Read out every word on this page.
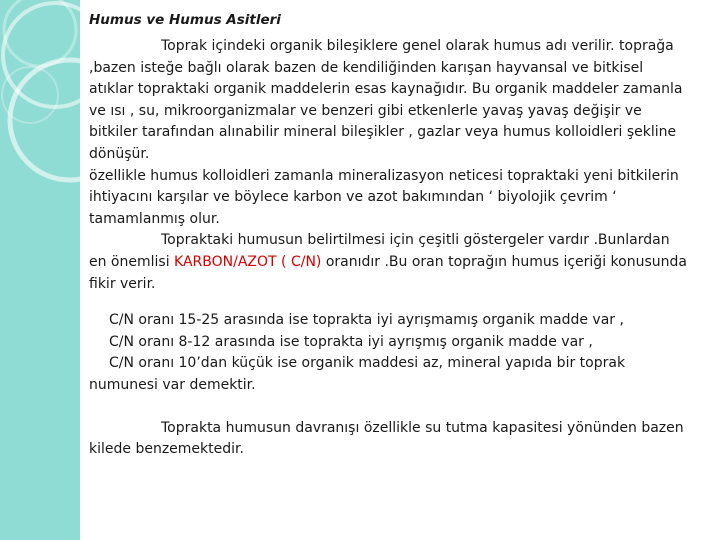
Humus ve Humus Asitleri

Toprak içindeki organik bileşiklere genel olarak humus adı verilir. toprağa ,bazen isteğe bağlı olarak bazen de kendiliğinden karışan hayvansal ve bitkisel atıklar topraktaki organik maddelerin esas kaynağıdır. Bu organik maddeler zamanla ve ısı , su, mikroorganizmalar ve benzeri gibi etkenlerle yavaş yavaş değişir ve bitkiler tarafından alınabilir mineral bileşikler , gazlar veya humus kolloidleri şekline dönüşür.

özellikle humus kolloidleri zamanla mineralizasyon neticesi topraktaki yeni bitkilerin ihtiyacını karşılar ve böylece karbon ve azot bakımından ‘ biyolojik çevrim ‘ tamamlanmış olur.

Topraktaki humusun belirtilmesi için çeşitli göstergeler vardır .Bunlardan en önemlisi KARBON/AZOT ( C/N) oranıdır .Bu oran toprağın humus içeriği konusunda fikir verir.

C/N oranı 15-25 arasında ise toprakta iyi ayrışmamış organik madde var ,

C/N oranı 8-12 arasında ise toprakta iyi ayrışmış organik madde var ,

C/N oranı 10’dan küçük ise organik maddesi az, mineral yapıda bir toprak numunesi var demektir.

Toprakta humusun davranışı özellikle su tutma kapasitesi yönünden bazen kilede benzemektedir.
